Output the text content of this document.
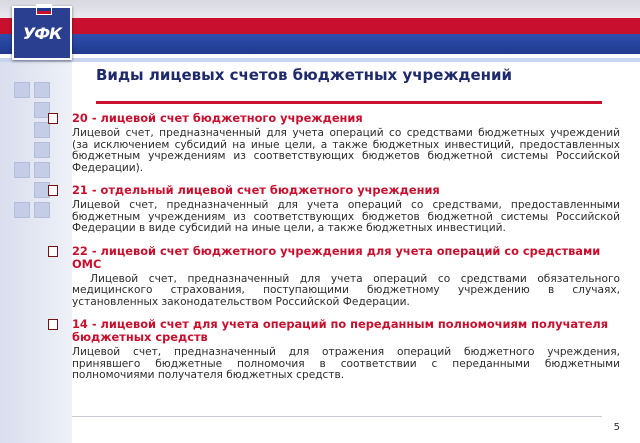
УФК
Виды лицевых счетов бюджетных учреждений
20 - лицевой счет бюджетного учреждения
Лицевой счет, предназначенный для учета операций со средствами бюджетных учреждений (за исключением субсидий на иные цели, а также бюджетных инвестиций, предоставленных бюджетным учреждениям из соответствующих бюджетов бюджетной системы Российской Федерации).
21 - отдельный лицевой счет бюджетного учреждения
Лицевой счет, предназначенный для учета операций со средствами, предоставленными бюджетным учреждениям из соответствующих бюджетов бюджетной системы Российской Федерации в виде субсидий на иные цели, а также бюджетных инвестиций.
22 - лицевой счет бюджетного учреждения для учета операций со средствами ОМС
Лицевой счет, предназначенный для учета операций со средствами обязательного медицинского страхования, поступающими бюджетному учреждению в случаях, установленных законодательством Российской Федерации.
14 - лицевой счет для учета операций по переданным полномочиям получателя бюджетных средств
Лицевой счет, предназначенный для отражения операций бюджетного учреждения, принявшего бюджетные полномочия в соответствии с переданными бюджетными полномочиями получателя бюджетных средств.
5
